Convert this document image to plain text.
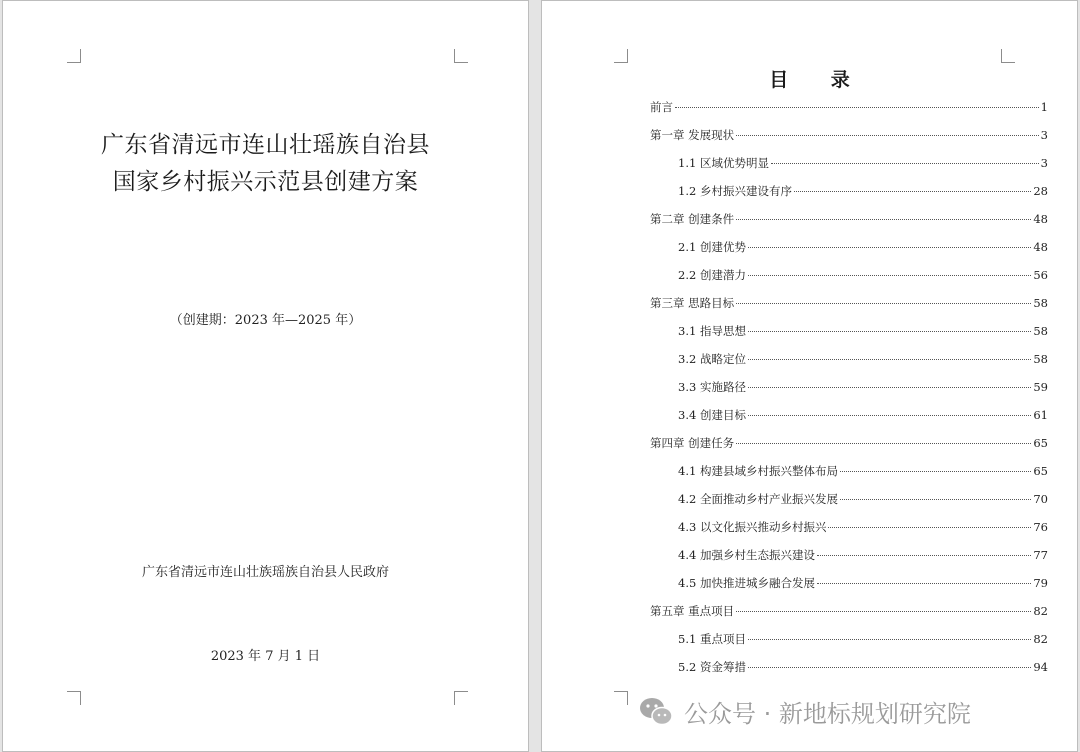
广东省清远市连山壮瑶族自治县
国家乡村振兴示范县创建方案
（创建期：2023 年—2025 年）
广东省清远市连山壮族瑶族自治县人民政府
2023 年 7 月 1 日
目 录
前言	1
第一章 发展现状	3
1.1 区域优势明显	3
1.2 乡村振兴建设有序	28
第二章 创建条件	48
2.1 创建优势	48
2.2 创建潜力	56
第三章 思路目标	58
3.1 指导思想	58
3.2 战略定位	58
3.3 实施路径	59
3.4 创建目标	61
第四章 创建任务	65
4.1 构建县域乡村振兴整体布局	65
4.2 全面推动乡村产业振兴发展	70
4.3 以文化振兴推动乡村振兴	76
4.4 加强乡村生态振兴建设	77
4.5 加快推进城乡融合发展	79
第五章 重点项目	82
5.1 重点项目	82
5.2 资金筹措	94
公众号 · 新地标规划研究院
